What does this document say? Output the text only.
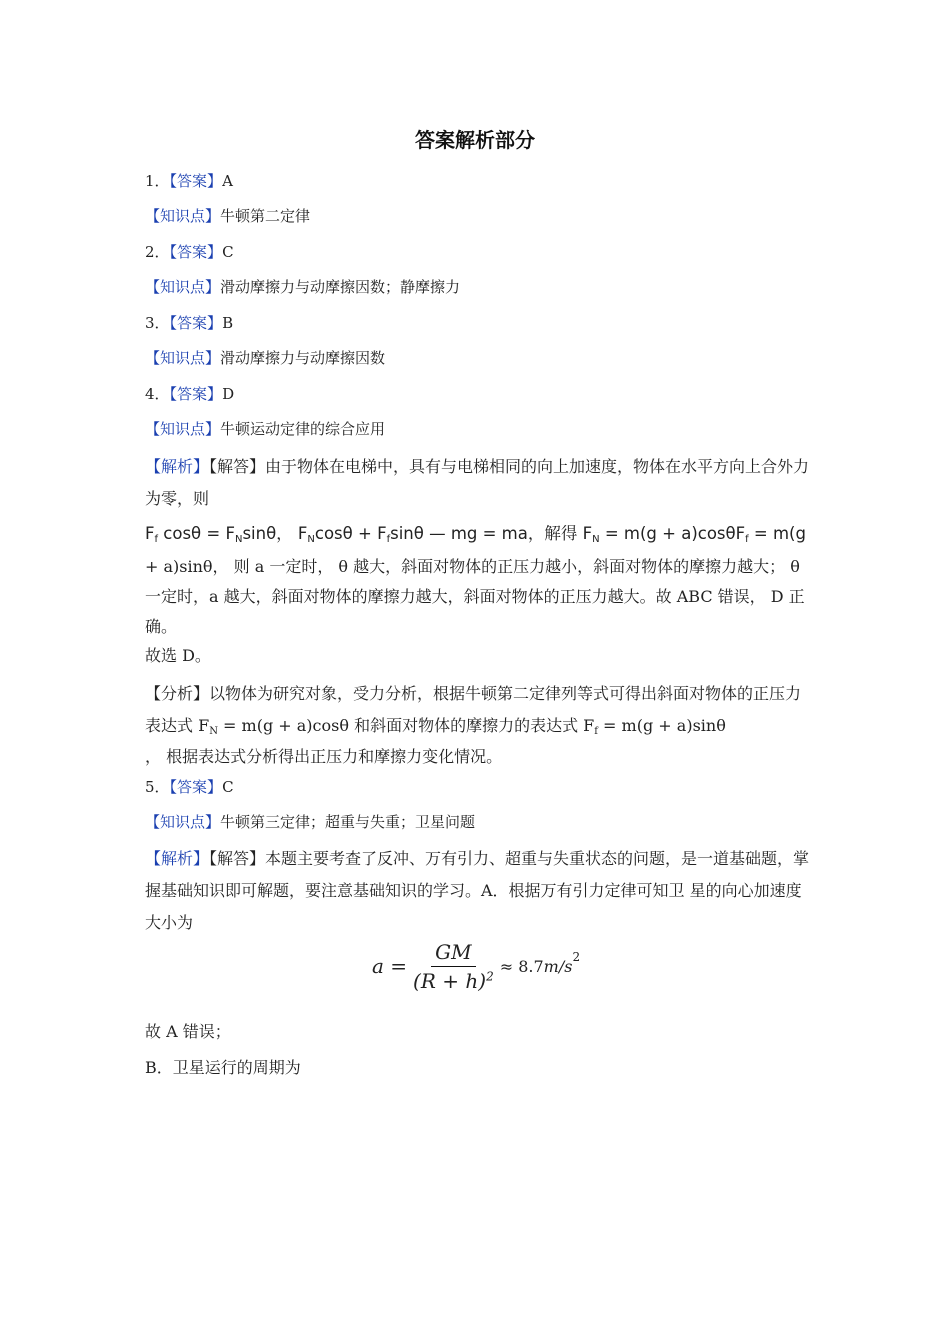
答案解析部分
1．【答案】A
【知识点】牛顿第二定律
2．【答案】C
【知识点】滑动摩擦力与动摩擦因数；静摩擦力
3．【答案】B
【知识点】滑动摩擦力与动摩擦因数
4．【答案】D
【知识点】牛顿运动定律的综合应用
【解析】【解答】由于物体在电梯中，具有与电梯相同的向上加速度，物体在水平方向上合外力为零，则
$F_f$ $\cos\theta = F_N\sin\theta$， $F_N\cos\theta + F_f\sin\theta$ — mg = ma，解得 $F_N = m(g + a)\cos\theta F_f = m(g$
+ a)sinθ， 则 a 一定时， θ 越大，斜面对物体的正压力越小，斜面对物体的摩擦力越大； θ 一定时，a 越大，斜面对物体的摩擦力越大，斜面对物体的正压力越大。故 ABC 错误， D 正确。
故选 D。
【分析】以物体为研究对象，受力分析，根据牛顿第二定律列等式可得出斜面对物体的正压力表达式 $F_N = m(g + a)\cos\theta$ 和斜面对物体的摩擦力的表达式 $F_f = m(g + a)\sin\theta$
， 根据表达式分析得出正压力和摩擦力变化情况。
5．【答案】C
【知识点】牛顿第三定律；超重与失重；卫星问题
【解析】【解答】本题主要考查了反冲、万有引力、超重与失重状态的问题，是一道基础题，掌握基础知识即可解题，要注意基础知识的学习。A．根据万有引力定律可知卫 星的向心加速度大小为
$a = \frac{GM}{(R + h)^2} \approx 8.7$ $m/s^2$
故 A 错误；
B．卫星运行的周期为
